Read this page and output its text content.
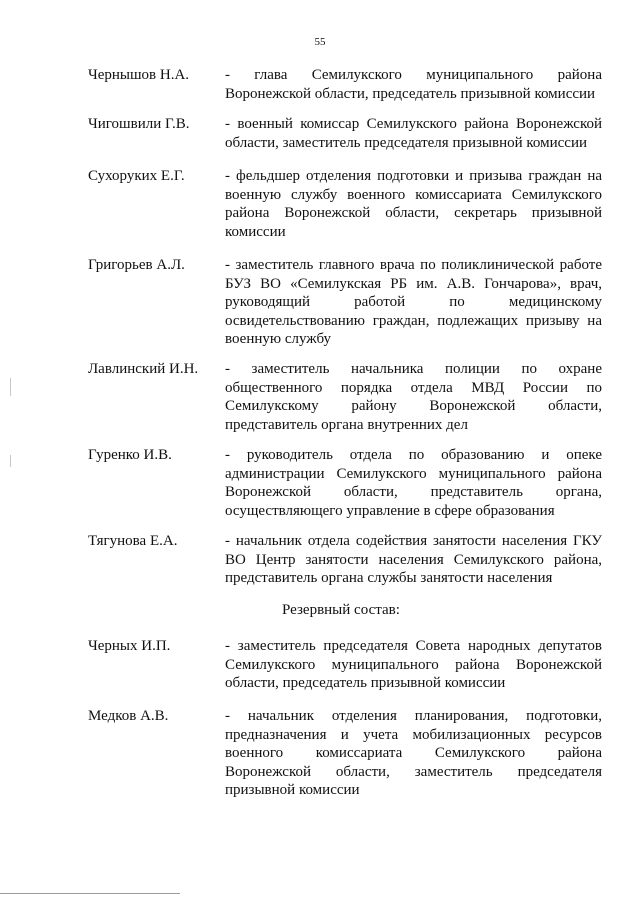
55
Чернышов Н.А. - глава Семилукского муниципального района Воронежской области, председатель призывной комиссии
Чигошвили Г.В. - военный комиссар Семилукского района Воронежской области, заместитель председателя призывной комиссии
Сухоруких Е.Г.	- фельдшер отделения подготовки и призыва граждан на военную службу военного комиссариата Семилукского района Воронежской области, секретарь призывной комиссии
Григорьев А.Л.	- заместитель главного врача по поликлинической работе БУЗ ВО «Семилукская РБ им. А.В. Гончарова», врач, руководящий работой по медицинскому освидетельствованию граждан, подлежащих призыву на военную службу
Лавлинский И.Н. - заместитель начальника полиции по охране общественного порядка отдела МВД России по Семилукскому району Воронежской области, представитель органа внутренних дел
Гуренко И.В.	- руководитель отдела по образованию и опеке администрации Семилукского муниципального района Воронежской области, представитель органа, осуществляющего управление в сфере образования
Тягунова Е.А.	- начальник отдела содействия занятости населения ГКУ ВО Центр занятости населения Семилукского района, представитель органа службы занятости населения
Резервный состав:
Черных И.П.	- заместитель председателя Совета народных депутатов Семилукского муниципального района Воронежской области, председатель призывной комиссии
Медков А.В.	- начальник отделения планирования, подготовки, предназначения и учета мобилизационных ресурсов военного комиссариата Семилукского района Воронежской области, заместитель председателя призывной комиссии
